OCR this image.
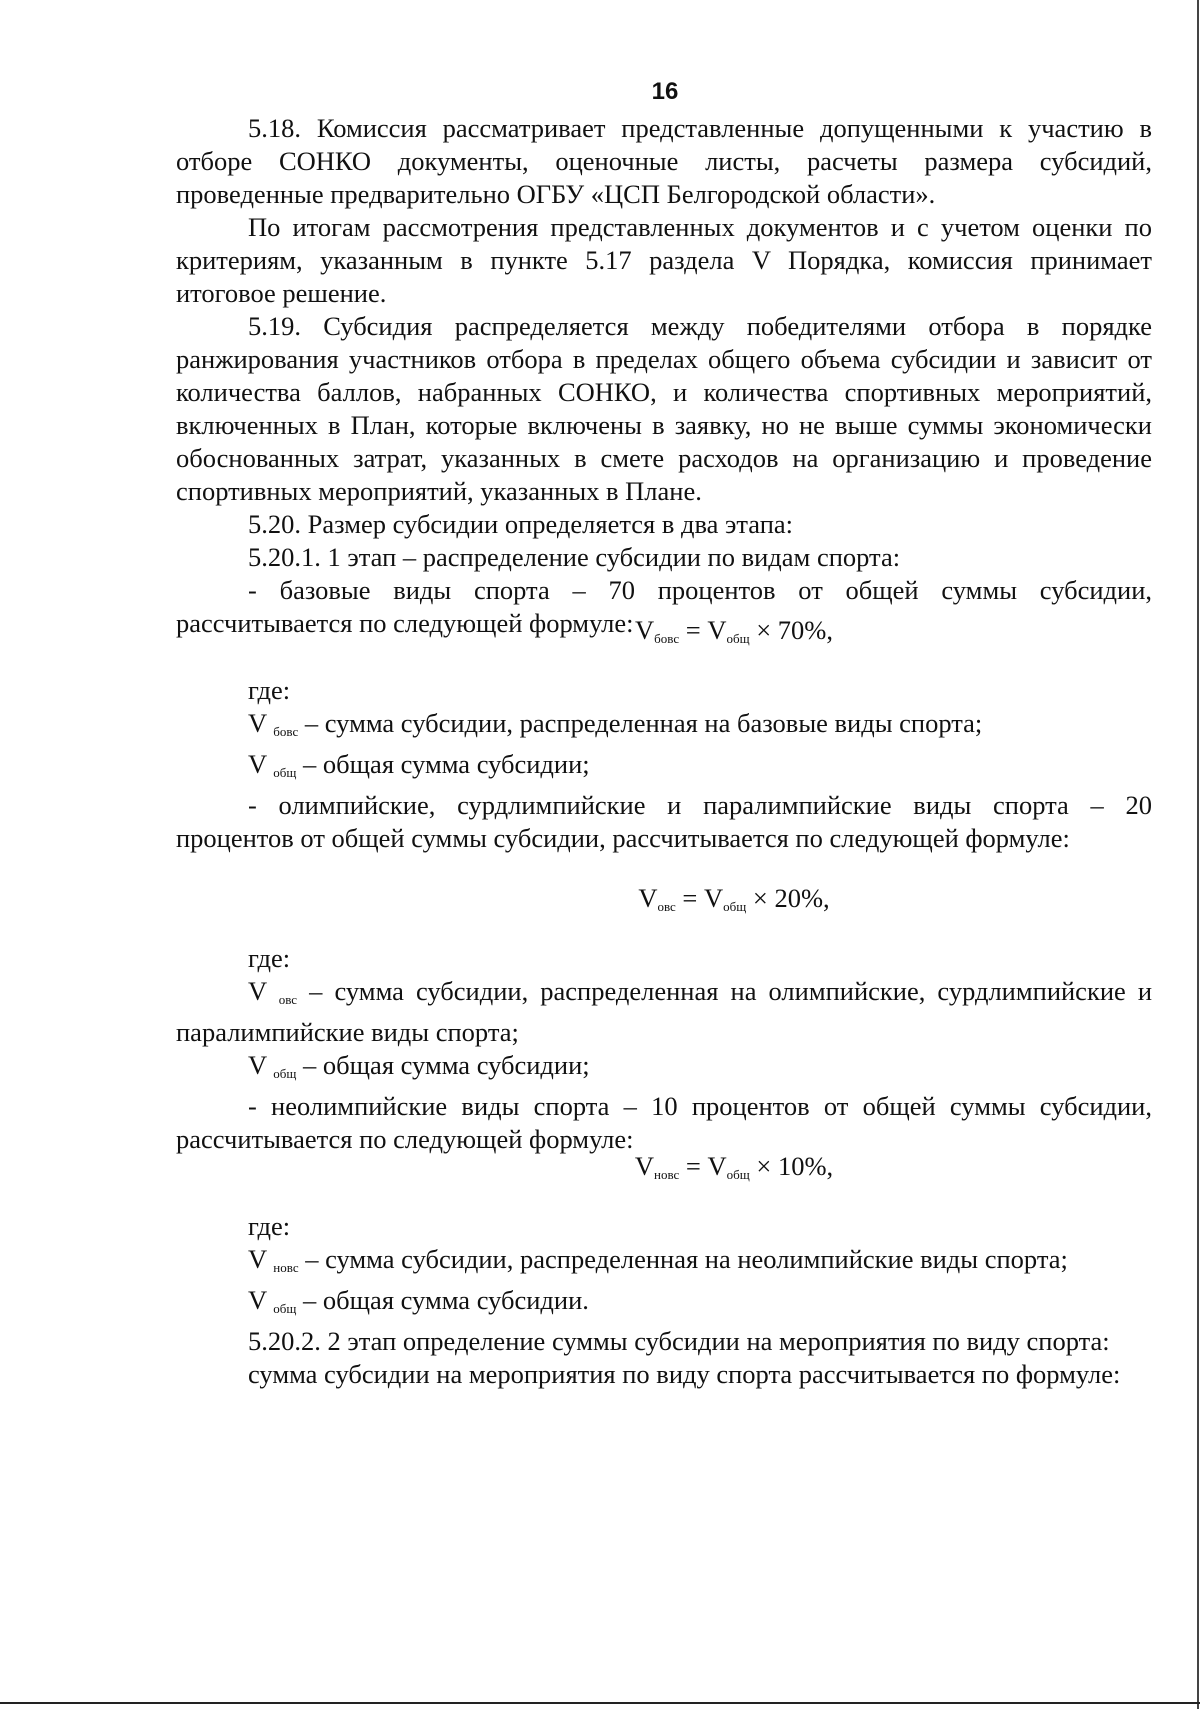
16

5.18. Комиссия рассматривает представленные допущенными к участию в отборе СОНКО документы, оценочные листы, расчеты размера субсидий, проведенные предварительно ОГБУ «ЦСП Белгородской области».

По итогам рассмотрения представленных документов и с учетом оценки по критериям, указанным в пункте 5.17 раздела V Порядка, комиссия принимает итоговое решение.

5.19. Субсидия распределяется между победителями отбора в порядке ранжирования участников отбора в пределах общего объема субсидии и зависит от количества баллов, набранных СОНКО, и количества спортивных мероприятий, включенных в План, которые включены в заявку, но не выше суммы экономически обоснованных затрат, указанных в смете расходов на организацию и проведение спортивных мероприятий, указанных в Плане.

5.20. Размер субсидии определяется в два этапа:

5.20.1. 1 этап – распределение субсидии по видам спорта:

- базовые виды спорта – 70 процентов от общей суммы субсидии, рассчитывается по следующей формуле: $V_{бовс} = V_{общ} \times 70\%$,

где:

V $_{бовс}$ – сумма субсидии, распределенная на базовые виды спорта;

V $_{общ}$ – общая сумма субсидии;

- олимпийские, сурдлимпийские и паралимпийские виды спорта – 20 процентов от общей суммы субсидии, рассчитывается по следующей формуле:

$V_{овс} = V_{общ} \times 20\%$,

где:

V $_{овс}$ – сумма субсидии, распределенная на олимпийские, сурдлимпийские и паралимпийские виды спорта;

V $_{общ}$ – общая сумма субсидии;

- неолимпийские виды спорта – 10 процентов от общей суммы субсидии, рассчитывается по следующей формуле:

$V_{новс} = V_{общ} \times 10\%$,

где:

V $_{новс}$ – сумма субсидии, распределенная на неолимпийские виды спорта;

V $_{общ}$ – общая сумма субсидии.

5.20.2. 2 этап определение суммы субсидии на мероприятия по виду спорта:

сумма субсидии на мероприятия по виду спорта рассчитывается по формуле:
